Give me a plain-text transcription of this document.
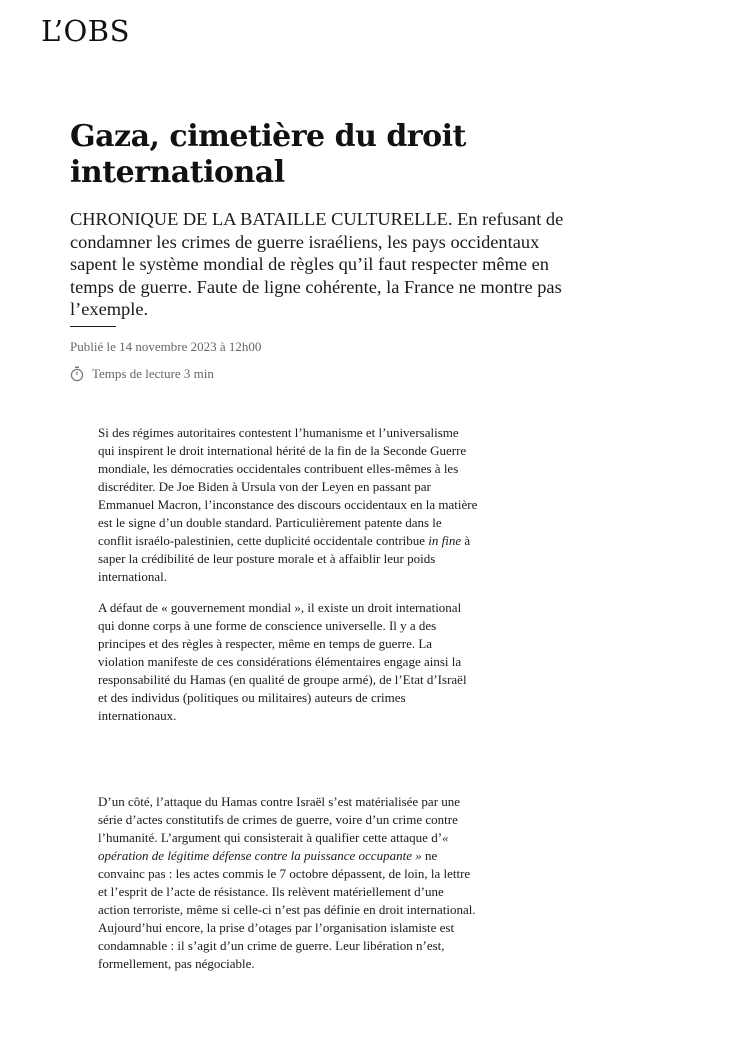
L’OBS
Gaza, cimetière du droit international

CHRONIQUE DE LA BATAILLE CULTURELLE. En refusant de condamner les crimes de guerre israéliens, les pays occidentaux sapent le système mondial de règles qu’il faut respecter même en temps de guerre. Faute de ligne cohérente, la France ne montre pas l’exemple.

Publié le 14 novembre 2023 à 12h00
Temps de lecture 3 min

Si des régimes autoritaires contestent l’humanisme et l’universalisme qui inspirent le droit international hérité de la fin de la Seconde Guerre mondiale, les démocraties occidentales contribuent elles-mêmes à les discréditer. De Joe Biden à Ursula von der Leyen en passant par Emmanuel Macron, l’inconstance des discours occidentaux en la matière est le signe d’un double standard. Particulièrement patente dans le conflit israélo-palestinien, cette duplicité occidentale contribue in fine à saper la crédibilité de leur posture morale et à affaiblir leur poids international.

A défaut de « gouvernement mondial », il existe un droit international qui donne corps à une forme de conscience universelle. Il y a des principes et des règles à respecter, même en temps de guerre. La violation manifeste de ces considérations élémentaires engage ainsi la responsabilité du Hamas (en qualité de groupe armé), de l’Etat d’Israël et des individus (politiques ou militaires) auteurs de crimes internationaux.

D’un côté, l’attaque du Hamas contre Israël s’est matérialisée par une série d’actes constitutifs de crimes de guerre, voire d’un crime contre l’humanité. L’argument qui consisterait à qualifier cette attaque d’« opération de légitime défense contre la puissance occupante » ne convainc pas : les actes commis le 7 octobre dépassent, de loin, la lettre et l’esprit de l’acte de résistance. Ils relèvent matériellement d’une action terroriste, même si celle-ci n’est pas définie en droit international. Aujourd’hui encore, la prise d’otages par l’organisation islamiste est condamnable : il s’agit d’un crime de guerre. Leur libération n’est, formellement, pas négociable.
